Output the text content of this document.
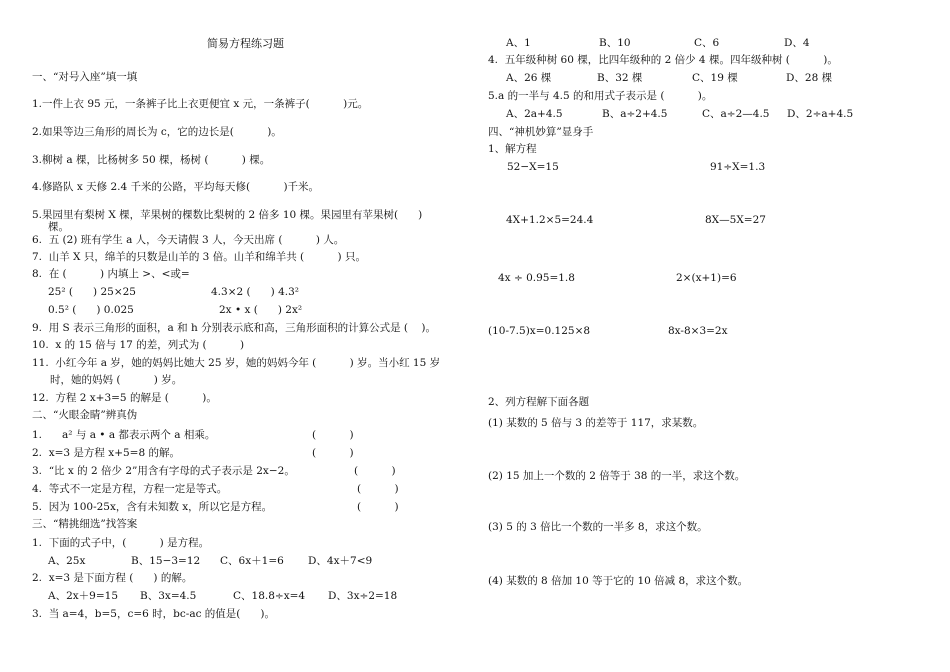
简易方程练习题
一、“对号入座”填一填
1.一件上衣 95 元，一条裤子比上衣更便宜 x 元，一条裤子(          )元。
2.如果等边三角形的周长为 c，它的边长是(          )。
3.柳树 a 棵，比杨树多 50 棵，杨树 (          ) 棵。
4.修路队 x 天修 2.4 千米的公路，平均每天修(          )千米。
5.果园里有梨树 X 棵，苹果树的棵数比梨树的 2 倍多 10 棵。果园里有苹果树(      )
棵。
6.  五 (2) 班有学生 a 人，今天请假 3 人，今天出席 (          ) 人。
7.  山羊 X 只，绵羊的只数是山羊的 3 倍。山羊和绵羊共 (          ) 只。
8.  在 (          ) 内填上 >、<或=
25² (      ) 25×25	4.3×2 (      ) 4.3²
0.5² (      ) 0.025	2x • x (      ) 2x²
9.  用 S 表示三角形的面积，a 和 h 分别表示底和高，三角形面积的计算公式是 (    )。
10.  x 的 15 倍与 17 的差，列式为 (          )
11.  小红今年 a 岁，她的妈妈比她大 25 岁，她的妈妈今年 (          ) 岁。当小红 15 岁
时，她的妈妈 (          ) 岁。
12.  方程 2 x+3=5 的解是 (          )。
二、“火眼金睛”辨真伪
1.      a² 与 a • a 都表示两个 a 相乘。	(          )
2.  x=3 是方程 x+5=8 的解。	(          )
3.  “比 x 的 2 倍少 2”用含有字母的式子表示是 2x−2。	(          )
4.  等式不一定是方程，方程一定是等式。	(          )
5.  因为 100-25x，含有未知数 x，所以它是方程。	(          )
三、“精挑细选”找答案
1.  下面的式子中，(          ) 是方程。
A、25x	B、15−3=12 C、6x＋1=6 D、4x＋7<9
2.  x=3 是下面方程 (      ) 的解。
A、2x＋9=15 B、3x=4.5	C、18.8÷x=4 D、3x÷2=18
3.  当 a=4，b=5，c=6 时，bc-ac 的值是(      )。
A、1	B、10	C、6	D、4
4.  五年级种树 60 棵，比四年级种的 2 倍少 4 棵。四年级种树 (          )。
A、26 棵	B、32 棵	C、19 棵	D、28 棵
5.a 的一半与 4.5 的和用式子表示是 (          )。
A、2a+4.5	B、a÷2+4.5	C、a÷2—4.5 D、2÷a+4.5
四、“神机妙算”显身手
1、解方程
52−X=15	91÷X=1.3
4X+1.2×5=24.4	8X—5X=27
4x ÷ 0.95=1.8	2×(x+1)=6
(10-7.5)x=0.125×8	8x-8×3=2x
2、列方程解下面各题
(1) 某数的 5 倍与 3 的差等于 117，求某数。
(2) 15 加上一个数的 2 倍等于 38 的一半，求这个数。
(3) 5 的 3 倍比一个数的一半多 8，求这个数。
(4) 某数的 8 倍加 10 等于它的 10 倍减 8，求这个数。
